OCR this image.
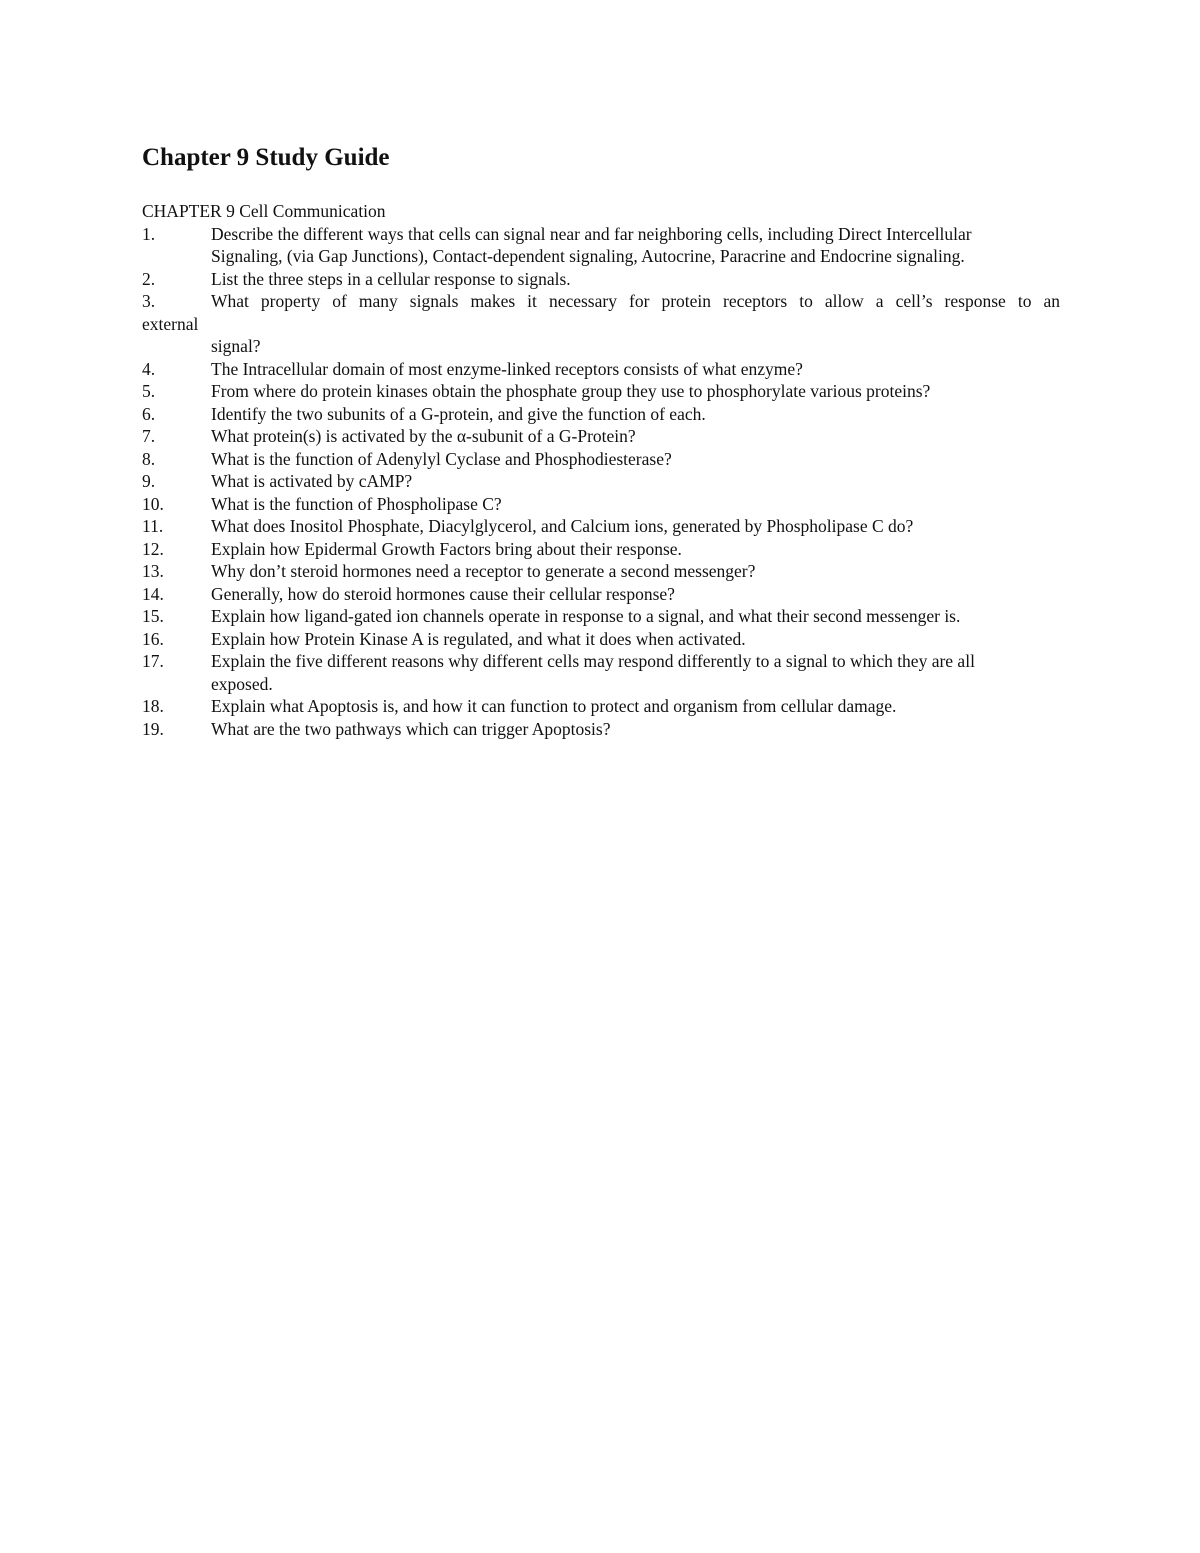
Chapter 9 Study Guide
CHAPTER 9 Cell Communication
1.	Describe the different ways that cells can signal near and far neighboring cells, including Direct Intercellular
Signaling, (via Gap Junctions), Contact-dependent signaling, Autocrine, Paracrine and Endocrine signaling.
2.	List the three steps in a cellular response to signals.
3.	What property of many signals makes it necessary for protein receptors to allow a cell’s response to an
external
signal?
4.	The Intracellular domain of most enzyme-linked receptors consists of what enzyme?
5.	From where do protein kinases obtain the phosphate group they use to phosphorylate various proteins?
6.	Identify the two subunits of a G-protein, and give the function of each.
7.	What protein(s) is activated by the α-subunit of a G-Protein?
8.	What is the function of Adenylyl Cyclase and Phosphodiesterase?
9.	What is activated by cAMP?
10.	What is the function of Phospholipase C?
11.	What does Inositol Phosphate, Diacylglycerol, and Calcium ions, generated by Phospholipase C do?
12.	Explain how Epidermal Growth Factors bring about their response.
13.	Why don’t steroid hormones need a receptor to generate a second messenger?
14.	Generally, how do steroid hormones cause their cellular response?
15.	Explain how ligand-gated ion channels operate in response to a signal, and what their second messenger is.
16.	Explain how Protein Kinase A is regulated, and what it does when activated.
17.	Explain the five different reasons why different cells may respond differently to a signal to which they are all
exposed.
18.	Explain what Apoptosis is, and how it can function to protect and organism from cellular damage.
19.	What are the two pathways which can trigger Apoptosis?
